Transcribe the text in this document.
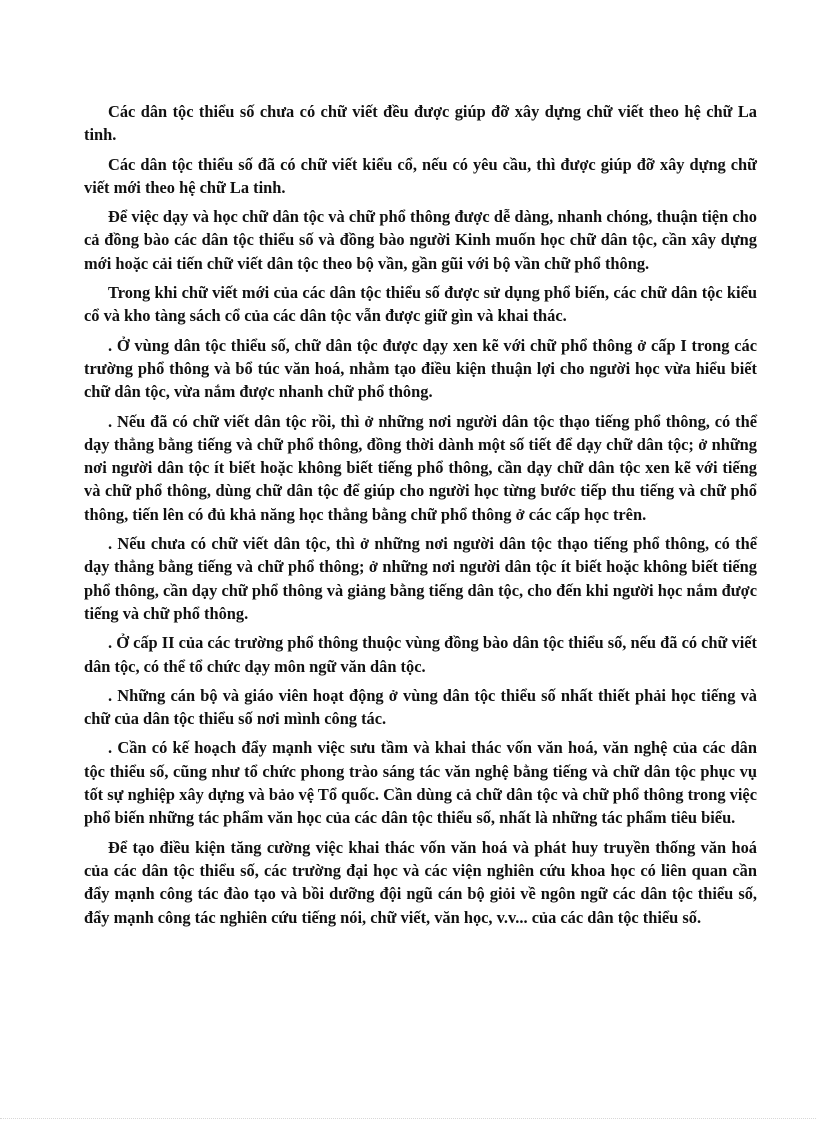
Các dân tộc thiểu số chưa có chữ viết đều được giúp đỡ xây dựng chữ viết theo hệ chữ La tinh.

Các dân tộc thiểu số đã có chữ viết kiểu cổ, nếu có yêu cầu, thì được giúp đỡ xây dựng chữ viết mới theo hệ chữ La tinh.

Để việc dạy và học chữ dân tộc và chữ phổ thông được dễ dàng, nhanh chóng, thuận tiện cho cả đồng bào các dân tộc thiểu số và đồng bào người Kinh muốn học chữ dân tộc, cần xây dựng mới hoặc cải tiến chữ viết dân tộc theo bộ vần, gần gũi với bộ vần chữ phổ thông.

Trong khi chữ viết mới của các dân tộc thiểu số được sử dụng phổ biến, các chữ dân tộc kiểu cổ và kho tàng sách cổ của các dân tộc vẫn được giữ gìn và khai thác.

. Ở vùng dân tộc thiểu số, chữ dân tộc được dạy xen kẽ với chữ phổ thông ở cấp I trong các trường phổ thông và bổ túc văn hoá, nhằm tạo điều kiện thuận lợi cho người học vừa hiểu biết chữ dân tộc, vừa nắm được nhanh chữ phổ thông.

. Nếu đã có chữ viết dân tộc rồi, thì ở những nơi người dân tộc thạo tiếng phổ thông, có thể dạy thẳng bằng tiếng và chữ phổ thông, đồng thời dành một số tiết để dạy chữ dân tộc; ở những nơi người dân tộc ít biết hoặc không biết tiếng phổ thông, cần dạy chữ dân tộc xen kẽ với tiếng và chữ phổ thông, dùng chữ dân tộc để giúp cho người học từng bước tiếp thu tiếng và chữ phổ thông, tiến lên có đủ khả năng học thẳng bằng chữ phổ thông ở các cấp học trên.

. Nếu chưa có chữ viết dân tộc, thì ở những nơi người dân tộc thạo tiếng phổ thông, có thể dạy thẳng bằng tiếng và chữ phổ thông; ở những nơi người dân tộc ít biết hoặc không biết tiếng phổ thông, cần dạy chữ phổ thông và giảng bằng tiếng dân tộc, cho đến khi người học nắm được tiếng và chữ phổ thông.

. Ở cấp II của các trường phổ thông thuộc vùng đồng bào dân tộc thiểu số, nếu đã có chữ viết dân tộc, có thể tổ chức dạy môn ngữ văn dân tộc.

. Những cán bộ và giáo viên hoạt động ở vùng dân tộc thiểu số nhất thiết phải học tiếng và chữ của dân tộc thiểu số nơi mình công tác.

. Cần có kế hoạch đẩy mạnh việc sưu tầm và khai thác vốn văn hoá, văn nghệ của các dân tộc thiểu số, cũng như tổ chức phong trào sáng tác văn nghệ bằng tiếng và chữ dân tộc phục vụ tốt sự nghiệp xây dựng và bảo vệ Tổ quốc. Cần dùng cả chữ dân tộc và chữ phổ thông trong việc phổ biến những tác phẩm văn học của các dân tộc thiểu số, nhất là những tác phẩm tiêu biểu.

Để tạo điều kiện tăng cường việc khai thác vốn văn hoá và phát huy truyền thống văn hoá của các dân tộc thiểu số, các trường đại học và các viện nghiên cứu khoa học có liên quan cần đẩy mạnh công tác đào tạo và bồi dưỡng đội ngũ cán bộ giỏi về ngôn ngữ các dân tộc thiểu số, đẩy mạnh công tác nghiên cứu tiếng nói, chữ viết, văn học, v.v... của các dân tộc thiểu số.
